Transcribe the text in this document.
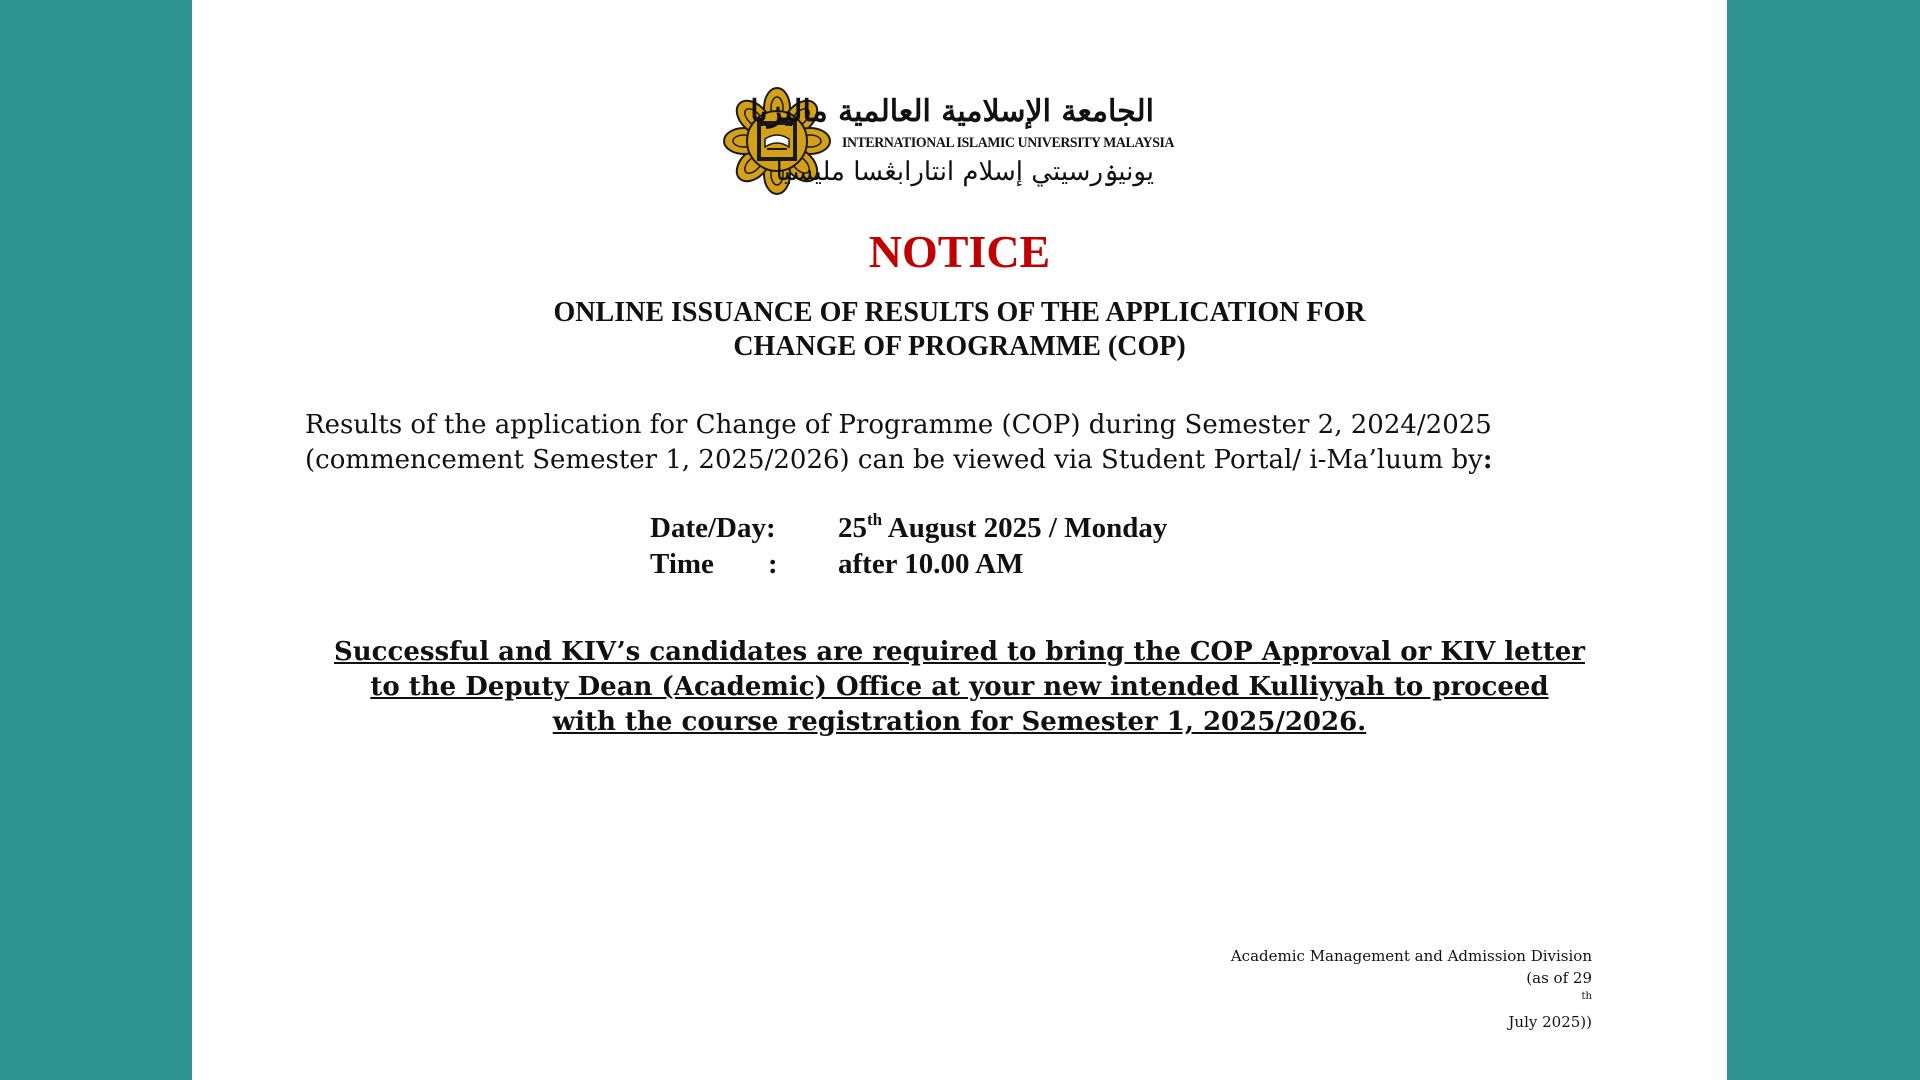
الجامعة الإسلامية العالمية ماليزيا
INTERNATIONAL ISLAMIC UNIVERSITY MALAYSIA
يونيۏرسيتي إسلام انتارابڠسا مليسيا
NOTICE
ONLINE ISSUANCE OF RESULTS OF THE APPLICATION FOR
CHANGE OF PROGRAMME (COP)
Results of the application for Change of Programme (COP) during Semester 2, 2024/2025
(commencement Semester 1, 2025/2026) can be viewed via Student Portal/ i-Ma’luum by:
Date/Day: 25th August 2025 / Monday
Time : after 10.00 AM
Successful and KIV’s candidates are required to bring the COP Approval or KIV letter
to the Deputy Dean (Academic) Office at your new intended Kulliyyah to proceed
with the course registration for Semester 1, 2025/2026.
Academic Management and Admission Division
(as of 29
$^{th}$
July 2025))
